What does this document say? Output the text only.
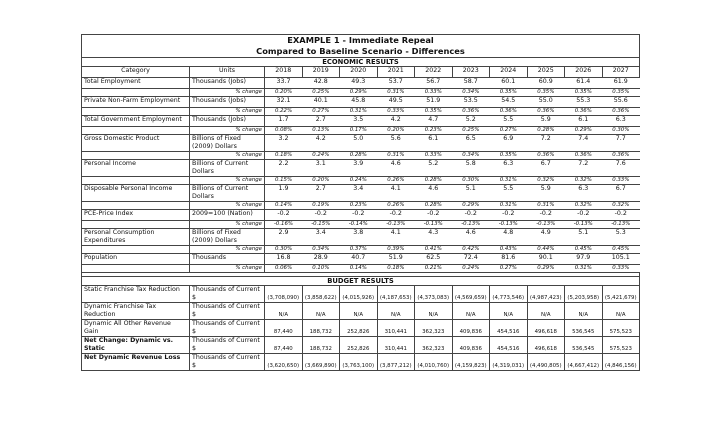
EXAMPLE 1 - Immediate Repeal											
Compared to Baseline Scenario - Differences											
ECONOMIC RESULTS											
Category	Units	2018	2019	2020	2021	2022	2023	2024	2025	2026	2027
Total Employment	Thousands (Jobs)	33.7	42.8	49.3	53.7	56.7	58.7	60.1	60.9	61.4	61.9
	% change	0.20%	0.25%	0.29%	0.31%	0.33%	0.34%	0.35%	0.35%	0.35%	0.35%
Private Non-Farm Employment	Thousands (Jobs)	32.1	40.1	45.8	49.5	51.9	53.5	54.5	55.0	55.3	55.6
	% change	0.22%	0.27%	0.31%	0.33%	0.35%	0.36%	0.36%	0.36%	0.36%	0.36%
Total Government Employment	Thousands (Jobs)	1.7	2.7	3.5	4.2	4.7	5.2	5.5	5.9	6.1	6.3
	% change	0.08%	0.13%	0.17%	0.20%	0.23%	0.25%	0.27%	0.28%	0.29%	0.30%
Gross Domestic Product	Billions of Fixed (2009) Dollars	3.2	4.2	5.0	5.6	6.1	6.5	6.9	7.2	7.4	7.7
	% change	0.18%	0.24%	0.28%	0.31%	0.33%	0.34%	0.35%	0.36%	0.36%	0.36%
Personal Income	Billions of Current Dollars	2.2	3.1	3.9	4.6	5.2	5.8	6.3	6.7	7.2	7.6
	% change	0.15%	0.20%	0.24%	0.26%	0.28%	0.30%	0.31%	0.32%	0.32%	0.33%
Disposable Personal Income	Billions of Current Dollars	1.9	2.7	3.4	4.1	4.6	5.1	5.5	5.9	6.3	6.7
	% change	0.14%	0.19%	0.23%	0.26%	0.28%	0.29%	0.31%	0.31%	0.32%	0.32%
PCE-Price Index	2009=100 (Nation)	-0.2	-0.2	-0.2	-0.2	-0.2	-0.2	-0.2	-0.2	-0.2	-0.2
	% change	-0.16%	-0.15%	-0.14%	-0.13%	-0.13%	-0.13%	-0.13%	-0.13%	-0.13%	-0.13%
Personal Consumption Expenditures	Billions of Fixed (2009) Dollars	2.9	3.4	3.8	4.1	4.3	4.6	4.8	4.9	5.1	5.3
	% change	0.30%	0.34%	0.37%	0.39%	0.41%	0.42%	0.43%	0.44%	0.45%	0.45%
Population	Thousands	16.8	28.9	40.7	51.9	62.5	72.4	81.6	90.1	97.9	105.1
	% change	0.06%	0.10%	0.14%	0.18%	0.21%	0.24%	0.27%	0.29%	0.31%	0.33%

BUDGET RESULTS											
Static Franchise Tax Reduction	Thousands of Current $	(3,708,090)	(3,858,622)	(4,015,926)	(4,187,653)	(4,373,083)	(4,569,659)	(4,773,546)	(4,987,423)	(5,203,958)	(5,421,679)
Dynamic Franchise Tax Reduction	Thousands of Current $	N/A	N/A	N/A	N/A	N/A	N/A	N/A	N/A	N/A	N/A
Dynamic All Other Revenue Gain	Thousands of Current $	87,440	188,732	252,826	310,441	362,323	409,836	454,516	496,618	536,545	575,523
Net Change: Dynamic vs. Static	Thousands of Current $	87,440	188,732	252,826	310,441	362,323	409,836	454,516	496,618	536,545	575,523
Net Dynamic Revenue Loss	Thousands of Current $	(3,620,650)	(3,669,890)	(3,763,100)	(3,877,212)	(4,010,760)	(4,159,823)	(4,319,031)	(4,490,805)	(4,667,412)	(4,846,156)
